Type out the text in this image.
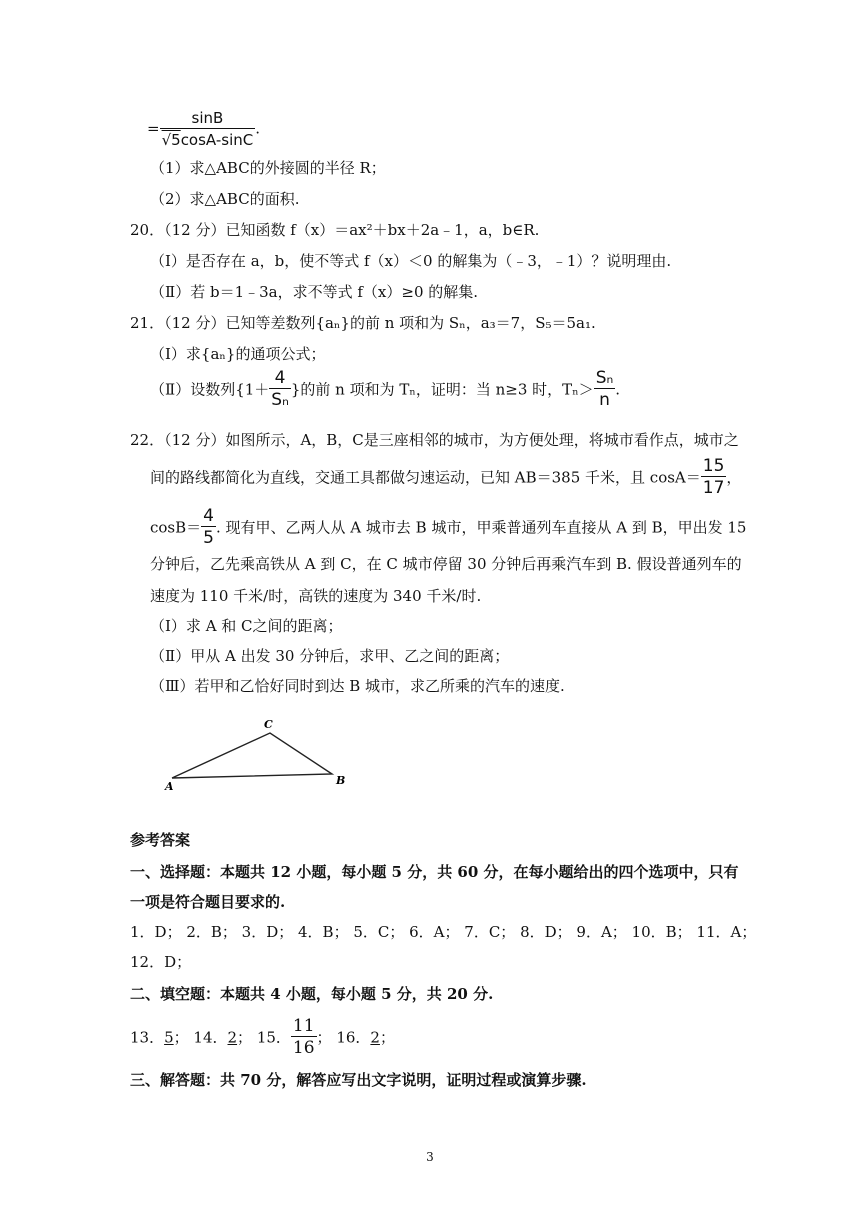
= $\frac{\sin B}{√5\cos A-\sin C}$ .
（1）求△ABC的外接圆的半径 R；
（2）求△ABC的面积.
20．（12 分）已知函数 f（x）＝ax²＋bx＋2a﹣1，a，b∈R.
（Ⅰ）是否存在 a，b，使不等式 f（x）＜0 的解集为（﹣3，﹣1）？说明理由.
（Ⅱ）若 b＝1﹣3a，求不等式 f（x）≥0 的解集.
21．（12 分）已知等差数列{aₙ}的前 n 项和为 Sₙ，a₃＝7，S₅＝5a₁.
（Ⅰ）求{aₙ}的通项公式；
（Ⅱ）设数列{$1+ \frac{4}{\text{Sₙ}}$ }的前 n 项和为 Tₙ，证明：当 n≥3 时，$T_n> \frac{\text{Sₙ}}{n}$ .
22．（12 分）如图所示，A，B，C是三座相邻的城市，为方便处理，将城市看作点，城市之
间的路线都简化为直线，交通工具都做匀速运动，已知 AB＝385 千米，且 $\cos A= \frac{15}{17}$ ，
$\cos B= \frac{4}{5}$ . 现有甲、乙两人从 A 城市去 B 城市，甲乘普通列车直接从 A 到 B，甲出发 15
分钟后，乙先乘高铁从 A 到 C，在 C 城市停留 30 分钟后再乘汽车到 B. 假设普通列车的
速度为 110 千米/时，高铁的速度为 340 千米/时.
（Ⅰ）求 A 和 C之间的距离；
（Ⅱ）甲从 A 出发 30 分钟后，求甲、乙之间的距离；
（Ⅲ）若甲和乙恰好同时到达 B 城市，求乙所乘的汽车的速度.
C
A	B
参考答案
一、选择题：本题共 12 小题，每小题 5 分，共 60 分，在每小题给出的四个选项中，只有
一项是符合题目要求的.
1．D； 2．B； 3．D； 4．B； 5．C； 6．A； 7．C； 8．D； 9．A； 10．B； 11．A；
12．D；
二、填空题：本题共 4 小题，每小题 5 分，共 20 分.
13．5； 14．2； 15． $\frac{11}{16}$ ； 16．2；
三、解答题：共 70 分，解答应写出文字说明，证明过程或演算步骤.
3
